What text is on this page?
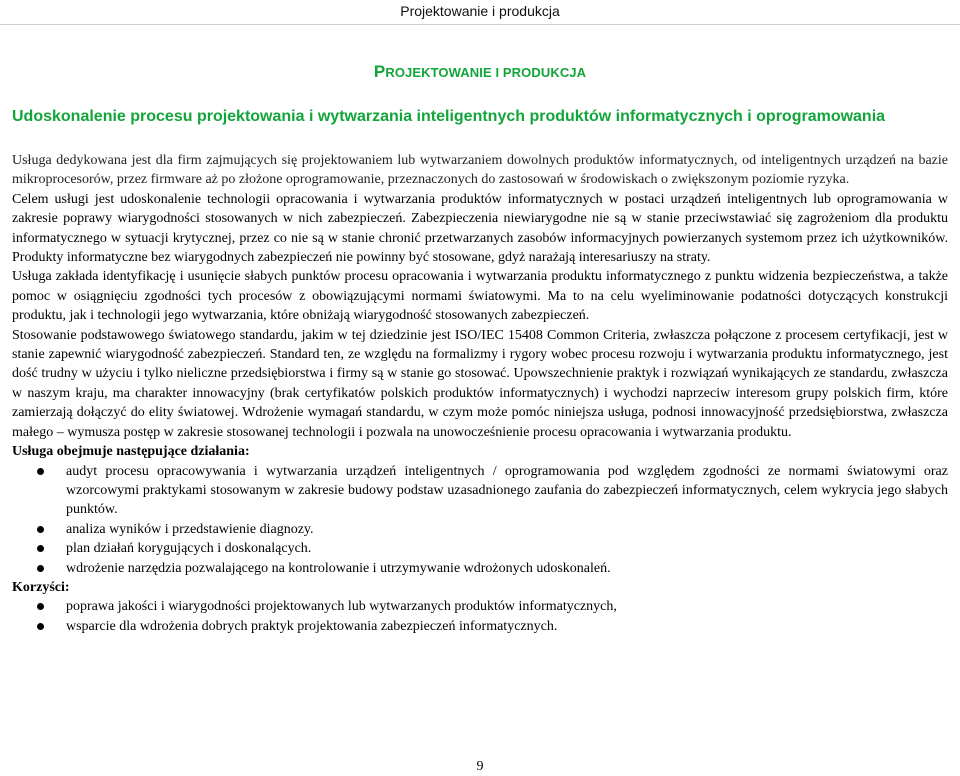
Projektowanie i produkcja
PROJEKTOWANIE I PRODUKCJA
Udoskonalenie procesu projektowania i wytwarzania inteligentnych produktów informatycznych i oprogramowania

Usługa dedykowana jest dla firm zajmujących się projektowaniem lub wytwarzaniem dowolnych produktów informatycznych, od inteligentnych urządzeń na bazie mikroprocesorów, przez firmware aż po złożone oprogramowanie, przeznaczonych do zastosowań w środowiskach o zwiększonym poziomie ryzyka.

Celem usługi jest udoskonalenie technologii opracowania i wytwarzania produktów informatycznych w postaci urządzeń inteligentnych lub oprogramowania w zakresie poprawy wiarygodności stosowanych w nich zabezpieczeń. Zabezpieczenia niewiarygodne nie są w stanie przeciwstawiać się zagrożeniom dla produktu informatycznego w sytuacji krytycznej, przez co nie są w stanie chronić przetwarzanych zasobów informacyjnych powierzanych systemom przez ich użytkowników. Produkty informatyczne bez wiarygodnych zabezpieczeń nie powinny być stosowane, gdyż narażają interesariuszy na straty.

Usługa zakłada identyfikację i usunięcie słabych punktów procesu opracowania i wytwarzania produktu informatycznego z punktu widzenia bezpieczeństwa, a także pomoc w osiągnięciu zgodności tych procesów z obowiązującymi normami światowymi. Ma to na celu wyeliminowanie podatności dotyczących konstrukcji produktu, jak i technologii jego wytwarzania, które obniżają wiarygodność stosowanych zabezpieczeń.

Stosowanie podstawowego światowego standardu, jakim w tej dziedzinie jest ISO/IEC 15408 Common Criteria, zwłaszcza połączone z procesem certyfikacji, jest w stanie zapewnić wiarygodność zabezpieczeń. Standard ten, ze względu na formalizmy i rygory wobec procesu rozwoju i wytwarzania produktu informatycznego, jest dość trudny w użyciu i tylko nieliczne przedsiębiorstwa i firmy są w stanie go stosować. Upowszechnienie praktyk i rozwiązań wynikających ze standardu, zwłaszcza w naszym kraju, ma charakter innowacyjny (brak certyfikatów polskich produktów informatycznych) i wychodzi naprzeciw interesom grupy polskich firm, które zamierzają dołączyć do elity światowej. Wdrożenie wymagań standardu, w czym może pomóc niniejsza usługa, podnosi innowacyjność przedsiębiorstwa, zwłaszcza małego – wymusza postęp w zakresie stosowanej technologii i pozwala na unowocześnienie procesu opracowania i wytwarzania produktu.

Usługa obejmuje następujące działania:

audyt procesu opracowywania i wytwarzania urządzeń inteligentnych / oprogramowania pod względem zgodności ze normami światowymi oraz wzorcowymi praktykami stosowanym w zakresie budowy podstaw uzasadnionego zaufania do zabezpieczeń informatycznych, celem wykrycia jego słabych punktów.
analiza wyników i przedstawienie diagnozy.
plan działań korygujących i doskonalących.
wdrożenie narzędzia pozwalającego na kontrolowanie i utrzymywanie wdrożonych udoskonaleń.

Korzyści:

poprawa jakości i wiarygodności projektowanych lub wytwarzanych produktów informatycznych,
wsparcie dla wdrożenia dobrych praktyk projektowania zabezpieczeń informatycznych.
9
